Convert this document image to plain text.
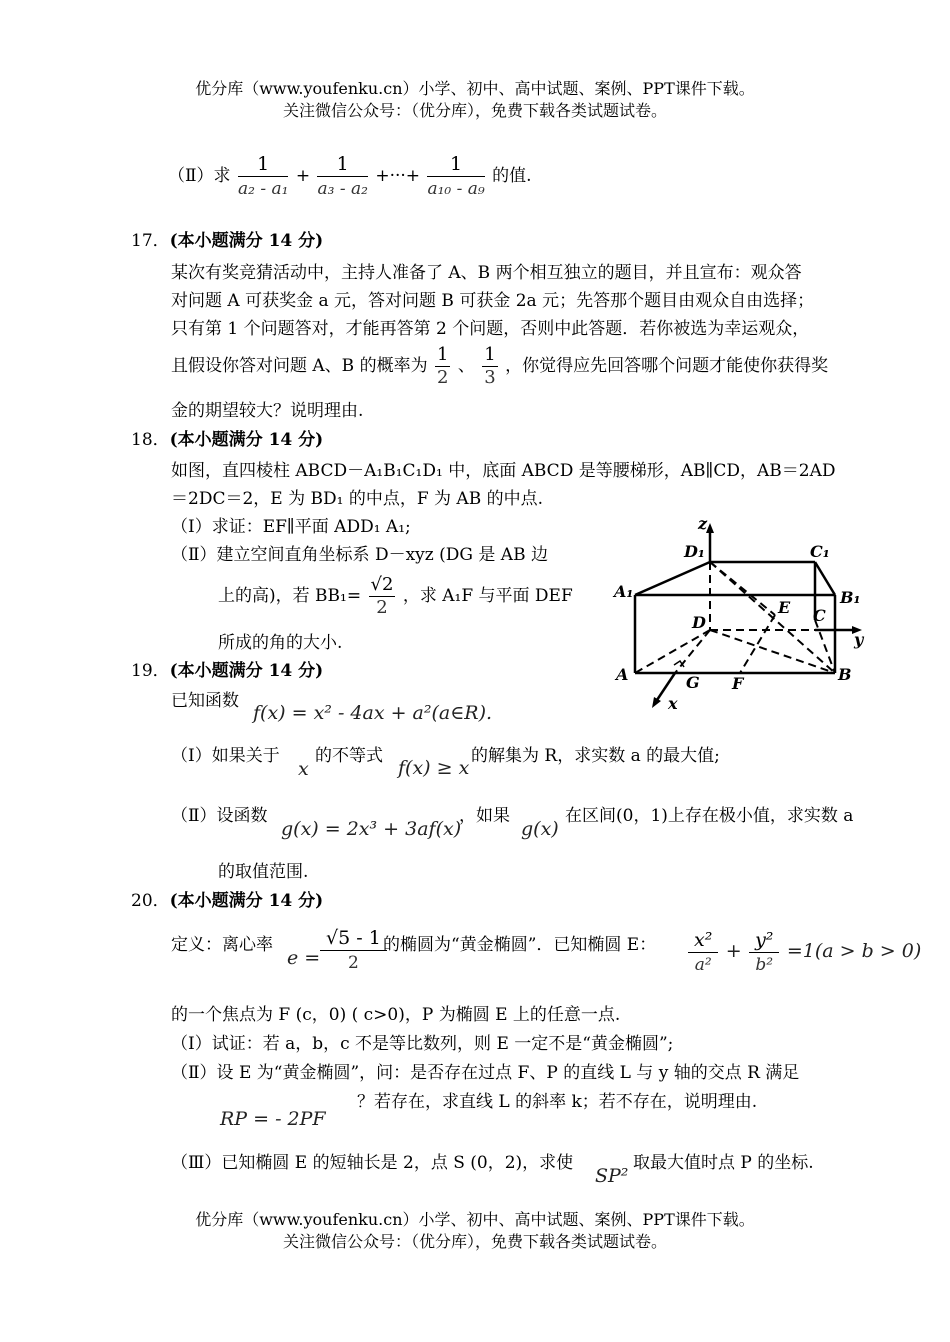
优分库（www.youfenku.cn）小学、初中、高中试题、案例、PPT课件下载。
关注微信公众号：（优分库），免费下载各类试题试卷。
（Ⅱ）求 $\frac{1}{\text{a₂ - a₁}} + \frac{1}{\text{a₃ - a₂}}$ +···+ $\frac{1}{\text{a₁₀ - a₉}}$ 的值.
17．(本小题满分 14 分)
某次有奖竞猜活动中，主持人准备了 A、B 两个相互独立的题目，并且宣布：观众答
对问题 A 可获奖金 a 元，答对问题 B 可获金 2a 元；先答那个题目由观众自由选择；
只有第 1 个问题答对，才能再答第 2 个问题，否则中此答题．若你被选为幸运观众，
且假设你答对问题 A、B 的概率为 $\frac{1}{2}$ 、 $\frac{1}{3}$ ，你觉得应先回答哪个问题才能使你获得奖
金的期望较大？说明理由.
18．(本小题满分 14 分)
如图，直四棱柱 ABCD－A₁B₁C₁D₁ 中，底面 ABCD 是等腰梯形，AB∥CD，AB＝2AD
＝2DC＝2，E 为 BD₁ 的中点，F 为 AB 的中点.
（Ⅰ）求证：EF∥平面 ADD₁ A₁;
（Ⅱ）建立空间直角坐标系 D－xyz (DG 是 AB 边
上的高)，若 $BB_1= \frac{√2}{2}$ ，求 A₁F 与平面 DEF
所成的角的大小.
z
D₁	C₁
A₁	B₁
E C
D
y
A	G F	B
x
19．(本小题满分 14 分)
已知函数
f(x) = x² - 4ax + a²(a∈R).
（Ⅰ）如果关于
x
的不等式
f(x) ≥ x
的解集为 R，求实数 a 的最大值;
（Ⅱ）设函数
g(x) = 2x³ + 3af(x)
，如果
g(x)
在区间(0，1)上存在极小值，求实数 a
的取值范围.
20．(本小题满分 14 分)
定义：离心率
$e = \frac{√5 - 1}{2}$
的椭圆为“黄金椭圆”．已知椭圆 E： $\frac{\text{x²}}{\text{a²}} + \frac{\text{y²}}{\text{b²}} =1(a > b > 0)$
的一个焦点为 F (c，0) ( c>0)，P 为椭圆 E 上的任意一点.
（Ⅰ）试证：若 a，b，c 不是等比数列，则 E 一定不是“黄金椭圆”;
（Ⅱ）设 E 为“黄金椭圆”，问：是否存在过点 F、P 的直线 L 与 y 轴的交点 R 满足
RP = - 2PF
？若存在，求直线 L 的斜率 k；若不存在，说明理由.
（Ⅲ）已知椭圆 E 的短轴长是 2，点 S (0，2)，求使
SP²
取最大值时点 P 的坐标.
优分库（www.youfenku.cn）小学、初中、高中试题、案例、PPT课件下载。
关注微信公众号：（优分库），免费下载各类试题试卷。
